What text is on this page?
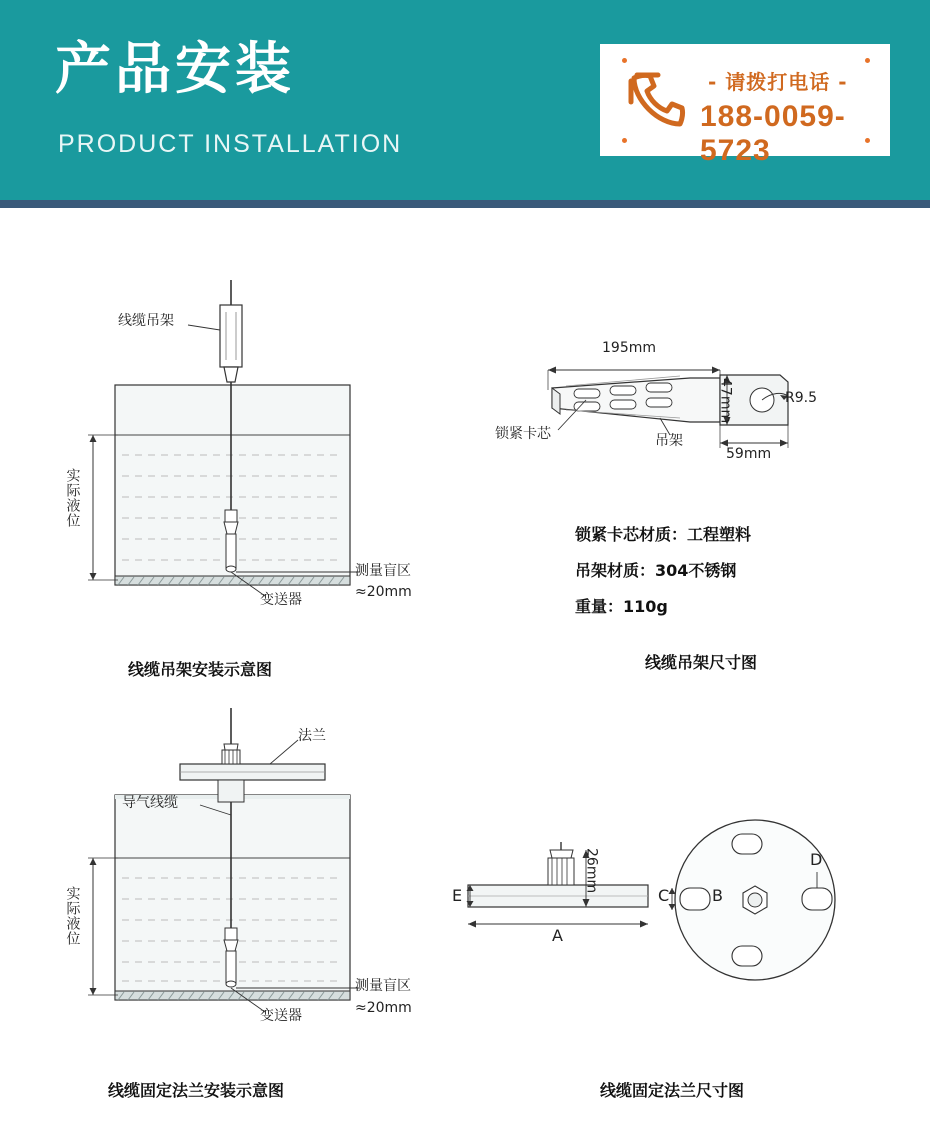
产品安装
PRODUCT INSTALLATION
- 请拨打电话 -
188-0059-5723
线缆吊架
实际液位
测量盲区
≈20mm
变送器
线缆吊架安装示意图
195mm
47mm
59mm
R9.5
锁紧卡芯	吊架
锁紧卡芯材质：工程塑料
吊架材质：304不锈钢
重量：110g
线缆吊架尺寸图
法兰
导气线缆
实际液位
测量盲区
≈20mm
变送器
线缆固定法兰安装示意图
26mm
A
E	C	B
D
线缆固定法兰尺寸图
